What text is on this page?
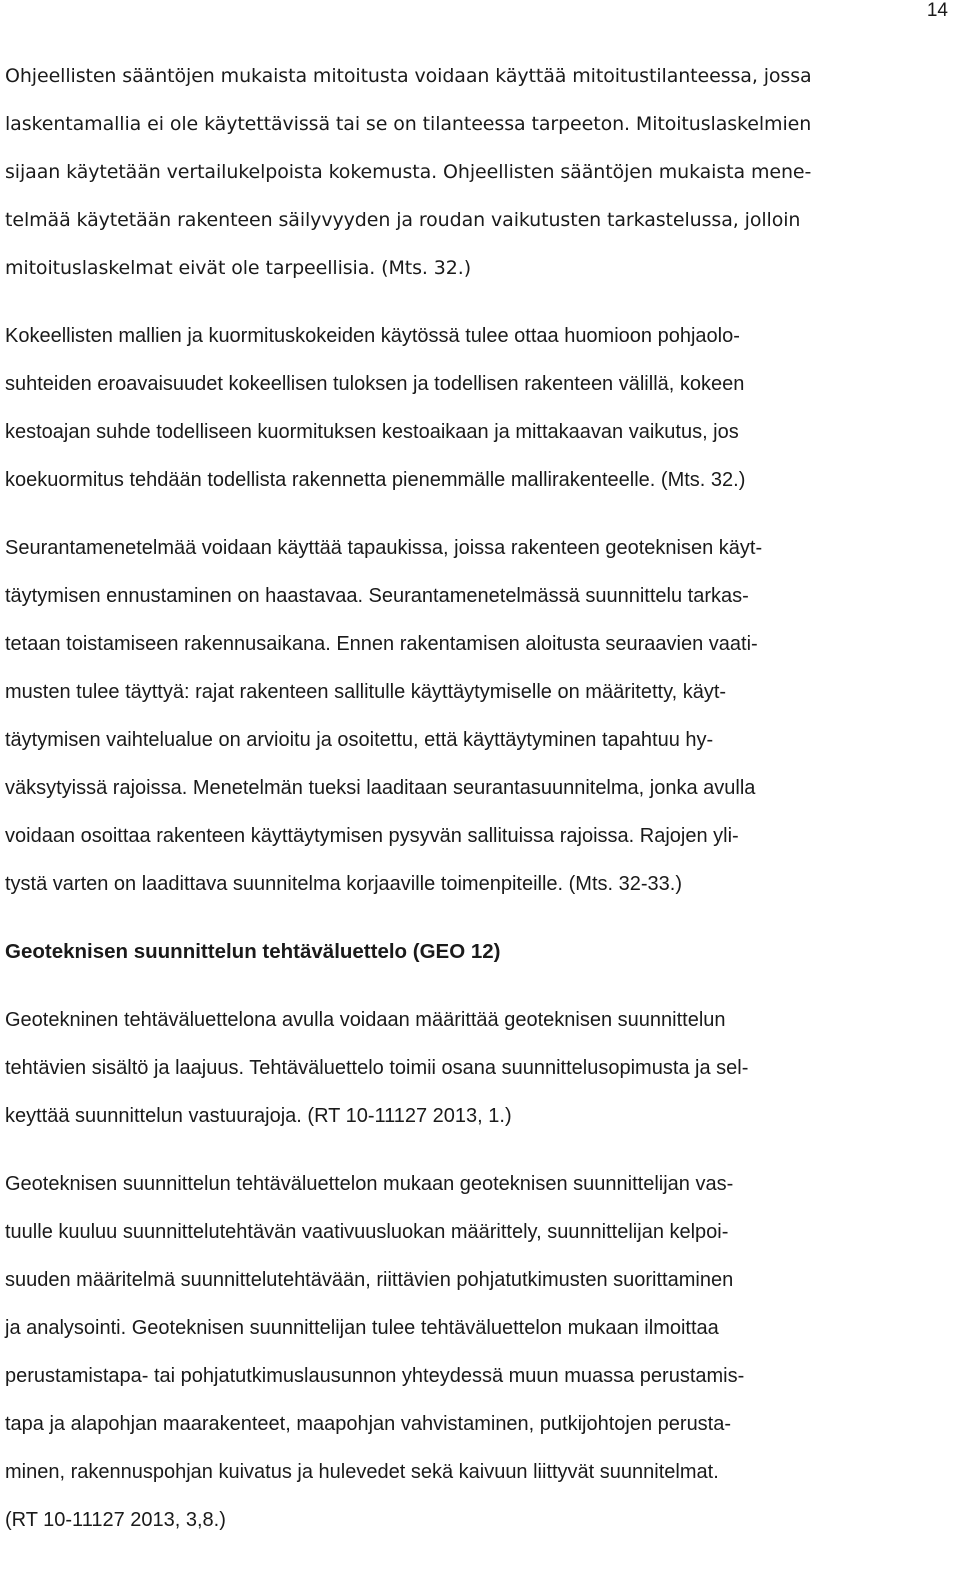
14

Ohjeellisten sääntöjen mukaista mitoitusta voidaan käyttää mitoitustilanteessa, jossa
laskentamallia ei ole käytettävissä tai se on tilanteessa tarpeeton. Mitoituslaskelmien
sijaan käytetään vertailukelpoista kokemusta. Ohjeellisten sääntöjen mukaista mene-
telmää käytetään rakenteen säilyvyyden ja roudan vaikutusten tarkastelussa, jolloin
mitoituslaskelmat eivät ole tarpeellisia. (Mts. 32.)

Kokeellisten mallien ja kuormituskokeiden käytössä tulee ottaa huomioon pohjaolo-
suhteiden eroavaisuudet kokeellisen tuloksen ja todellisen rakenteen välillä, kokeen
kestoajan suhde todelliseen kuormituksen kestoaikaan ja mittakaavan vaikutus, jos
koekuormitus tehdään todellista rakennetta pienemmälle mallirakenteelle. (Mts. 32.)

Seurantamenetelmää voidaan käyttää tapaukissa, joissa rakenteen geoteknisen käyt-
täytymisen ennustaminen on haastavaa. Seurantamenetelmässä suunnittelu tarkas-
tetaan toistamiseen rakennusaikana. Ennen rakentamisen aloitusta seuraavien vaati-
musten tulee täyttyä: rajat rakenteen sallitulle käyttäytymiselle on määritetty, käyt-
täytymisen vaihtelualue on arvioitu ja osoitettu, että käyttäytyminen tapahtuu hy-
väksytyissä rajoissa. Menetelmän tueksi laaditaan seurantasuunnitelma, jonka avulla
voidaan osoittaa rakenteen käyttäytymisen pysyvän sallituissa rajoissa. Rajojen yli-
tystä varten on laadittava suunnitelma korjaaville toimenpiteille. (Mts. 32-33.)

Geoteknisen suunnittelun tehtäväluettelo (GEO 12)

Geotekninen tehtäväluettelona avulla voidaan määrittää geoteknisen suunnittelun
tehtävien sisältö ja laajuus. Tehtäväluettelo toimii osana suunnittelusopimusta ja sel-
keyttää suunnittelun vastuurajoja. (RT 10-11127 2013, 1.)

Geoteknisen suunnittelun tehtäväluettelon mukaan geoteknisen suunnittelijan vas-
tuulle kuuluu suunnittelutehtävän vaativuusluokan määrittely, suunnittelijan kelpoi-
suuden määritelmä suunnittelutehtävään, riittävien pohjatutkimusten suorittaminen
ja analysointi. Geoteknisen suunnittelijan tulee tehtäväluettelon mukaan ilmoittaa
perustamistapa- tai pohjatutkimuslausunnon yhteydessä muun muassa perustamis-
tapa ja alapohjan maarakenteet, maapohjan vahvistaminen, putkijohtojen perusta-
minen, rakennuspohjan kuivatus ja hulevedet sekä kaivuun liittyvät suunnitelmat.
(RT 10-11127 2013, 3,8.)
